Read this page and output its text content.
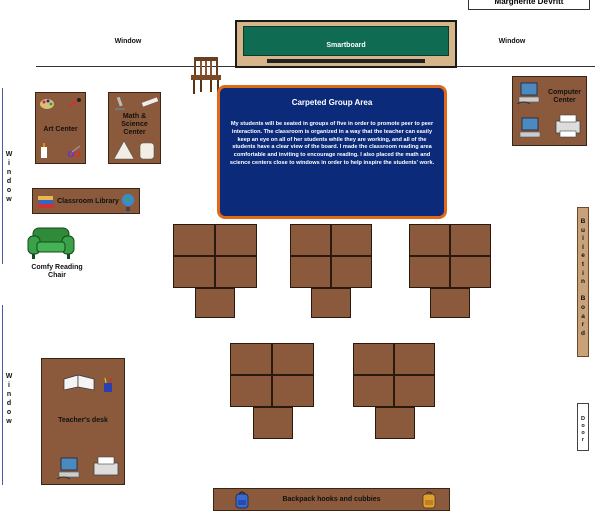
Margherite DeVritt
Window	Window
W
i
n
d
o
w
W
i
n
d
o
w
Smartboard
Carpeted Group Area
My students will be seated in groups of five in order to promote peer to peer interaction. The classroom is organized in a way that the teacher can easily keep an eye on all of her students while they are working, and all of the students have a clear view of the board. I made the classroom reading area comfortable and inviting to encourage reading. I also placed the math and science centers close to windows in order to help inspire the students' work.
Art Center
Math &
Science
Center
Computer
Center
Classroom Library
Comfy Reading
Chair
B
u
l
l
e
t
i
n

B
o
a
r
d
D
o
o
r
Teacher's desk
Backpack hooks and cubbies
